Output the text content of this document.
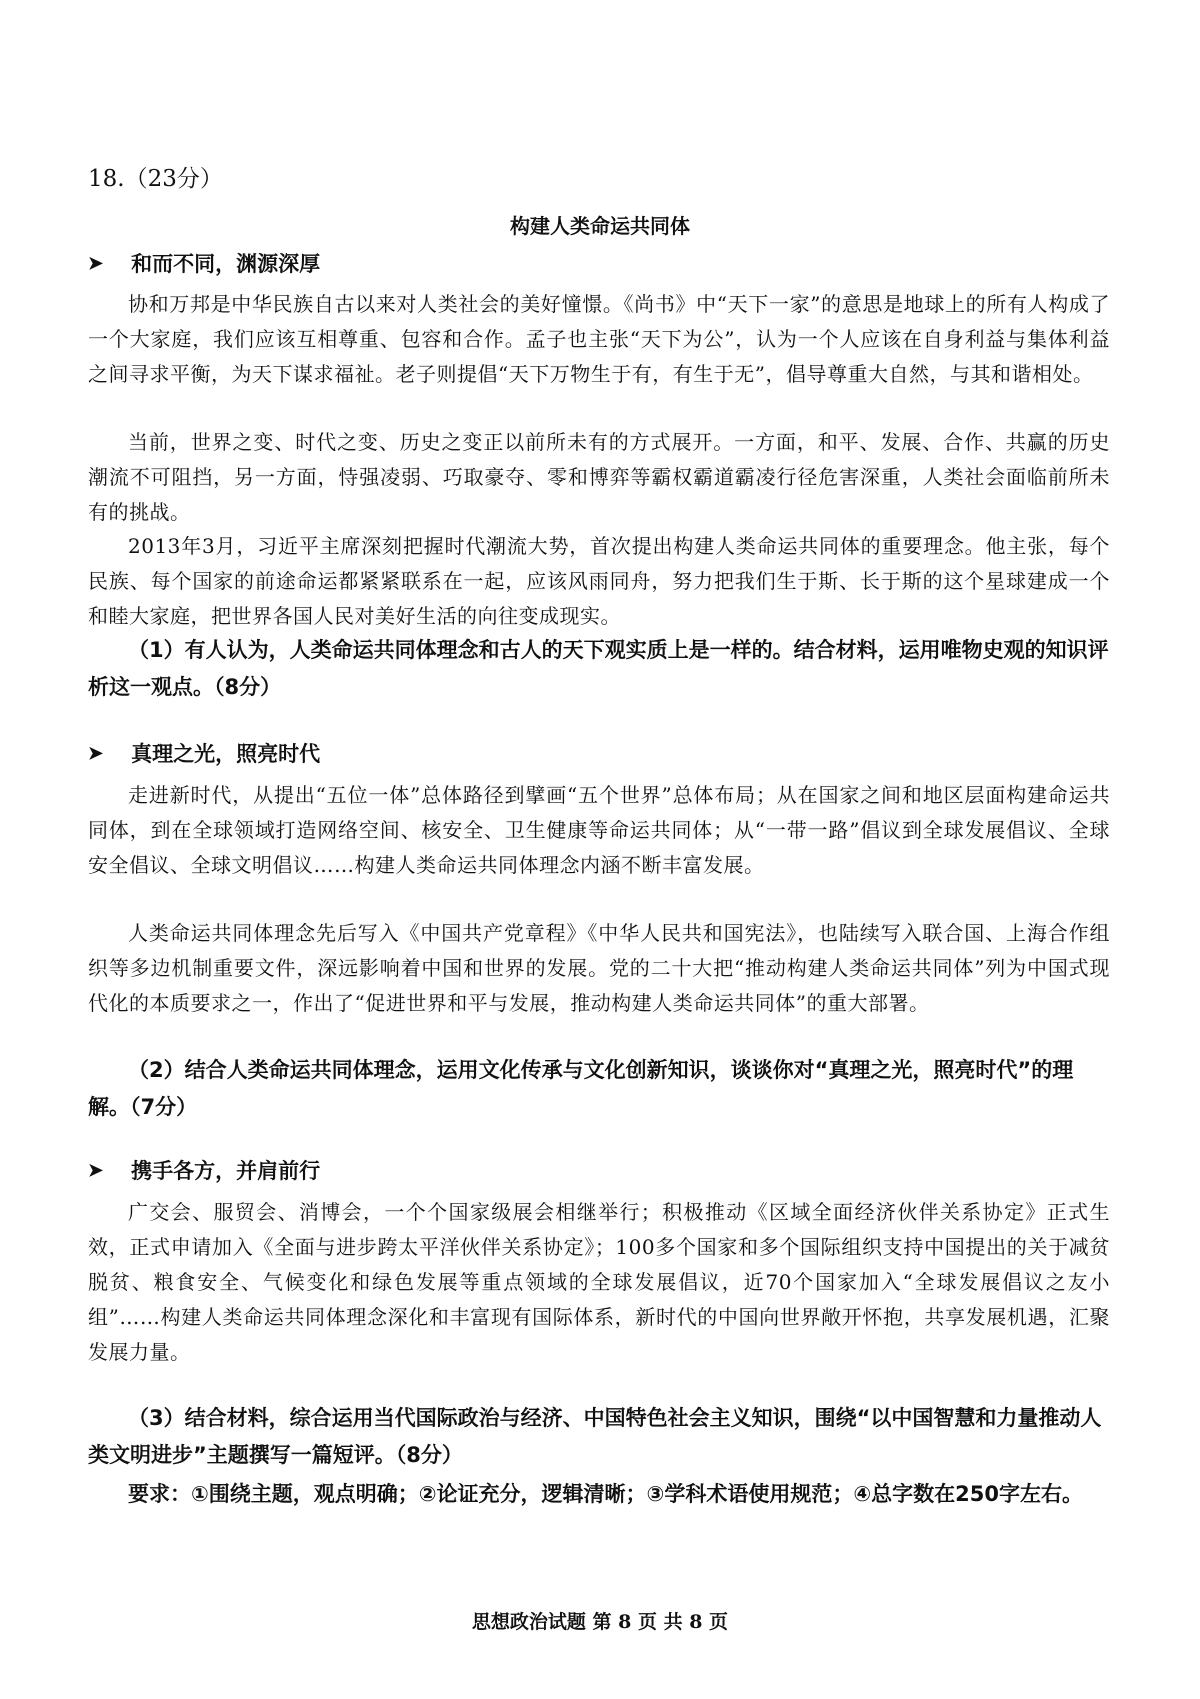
18.（23分）
构建人类命运共同体
➤ 和而不同，渊源深厚
协和万邦是中华民族自古以来对人类社会的美好憧憬。《尚书》中“天下一家”的意思是地球上的所有人构成了一个大家庭，我们应该互相尊重、包容和合作。孟子也主张“天下为公”，认为一个人应该在自身利益与集体利益之间寻求平衡，为天下谋求福祉。老子则提倡“天下万物生于有，有生于无”，倡导尊重大自然，与其和谐相处。
当前，世界之变、时代之变、历史之变正以前所未有的方式展开。一方面，和平、发展、合作、共赢的历史潮流不可阻挡，另一方面，恃强凌弱、巧取豪夺、零和博弈等霸权霸道霸凌行径危害深重，人类社会面临前所未有的挑战。
2013年3月，习近平主席深刻把握时代潮流大势，首次提出构建人类命运共同体的重要理念。他主张，每个民族、每个国家的前途命运都紧紧联系在一起，应该风雨同舟，努力把我们生于斯、长于斯的这个星球建成一个和睦大家庭，把世界各国人民对美好生活的向往变成现实。
（1）有人认为，人类命运共同体理念和古人的天下观实质上是一样的。结合材料，运用唯物史观的知识评析这一观点。（8分）
➤ 真理之光，照亮时代
走进新时代，从提出“五位一体”总体路径到擘画“五个世界”总体布局；从在国家之间和地区层面构建命运共同体，到在全球领域打造网络空间、核安全、卫生健康等命运共同体；从“一带一路”倡议到全球发展倡议、全球安全倡议、全球文明倡议……构建人类命运共同体理念内涵不断丰富发展。
人类命运共同体理念先后写入《中国共产党章程》《中华人民共和国宪法》，也陆续写入联合国、上海合作组织等多边机制重要文件，深远影响着中国和世界的发展。党的二十大把“推动构建人类命运共同体”列为中国式现代化的本质要求之一，作出了“促进世界和平与发展，推动构建人类命运共同体”的重大部署。
（2）结合人类命运共同体理念，运用文化传承与文化创新知识，谈谈你对“真理之光，照亮时代”的理解。（7分）
➤ 携手各方，并肩前行
广交会、服贸会、消博会，一个个国家级展会相继举行；积极推动《区域全面经济伙伴关系协定》正式生效，正式申请加入《全面与进步跨太平洋伙伴关系协定》；100多个国家和多个国际组织支持中国提出的关于减贫脱贫、粮食安全、气候变化和绿色发展等重点领域的全球发展倡议，近70个国家加入“全球发展倡议之友小组”……构建人类命运共同体理念深化和丰富现有国际体系，新时代的中国向世界敞开怀抱，共享发展机遇，汇聚发展力量。
（3）结合材料，综合运用当代国际政治与经济、中国特色社会主义知识，围绕“以中国智慧和力量推动人类文明进步”主题撰写一篇短评。（8分）
要求：①围绕主题，观点明确；②论证充分，逻辑清晰；③学科术语使用规范；④总字数在250字左右。
思想政治试题 第 8 页 共 8 页
